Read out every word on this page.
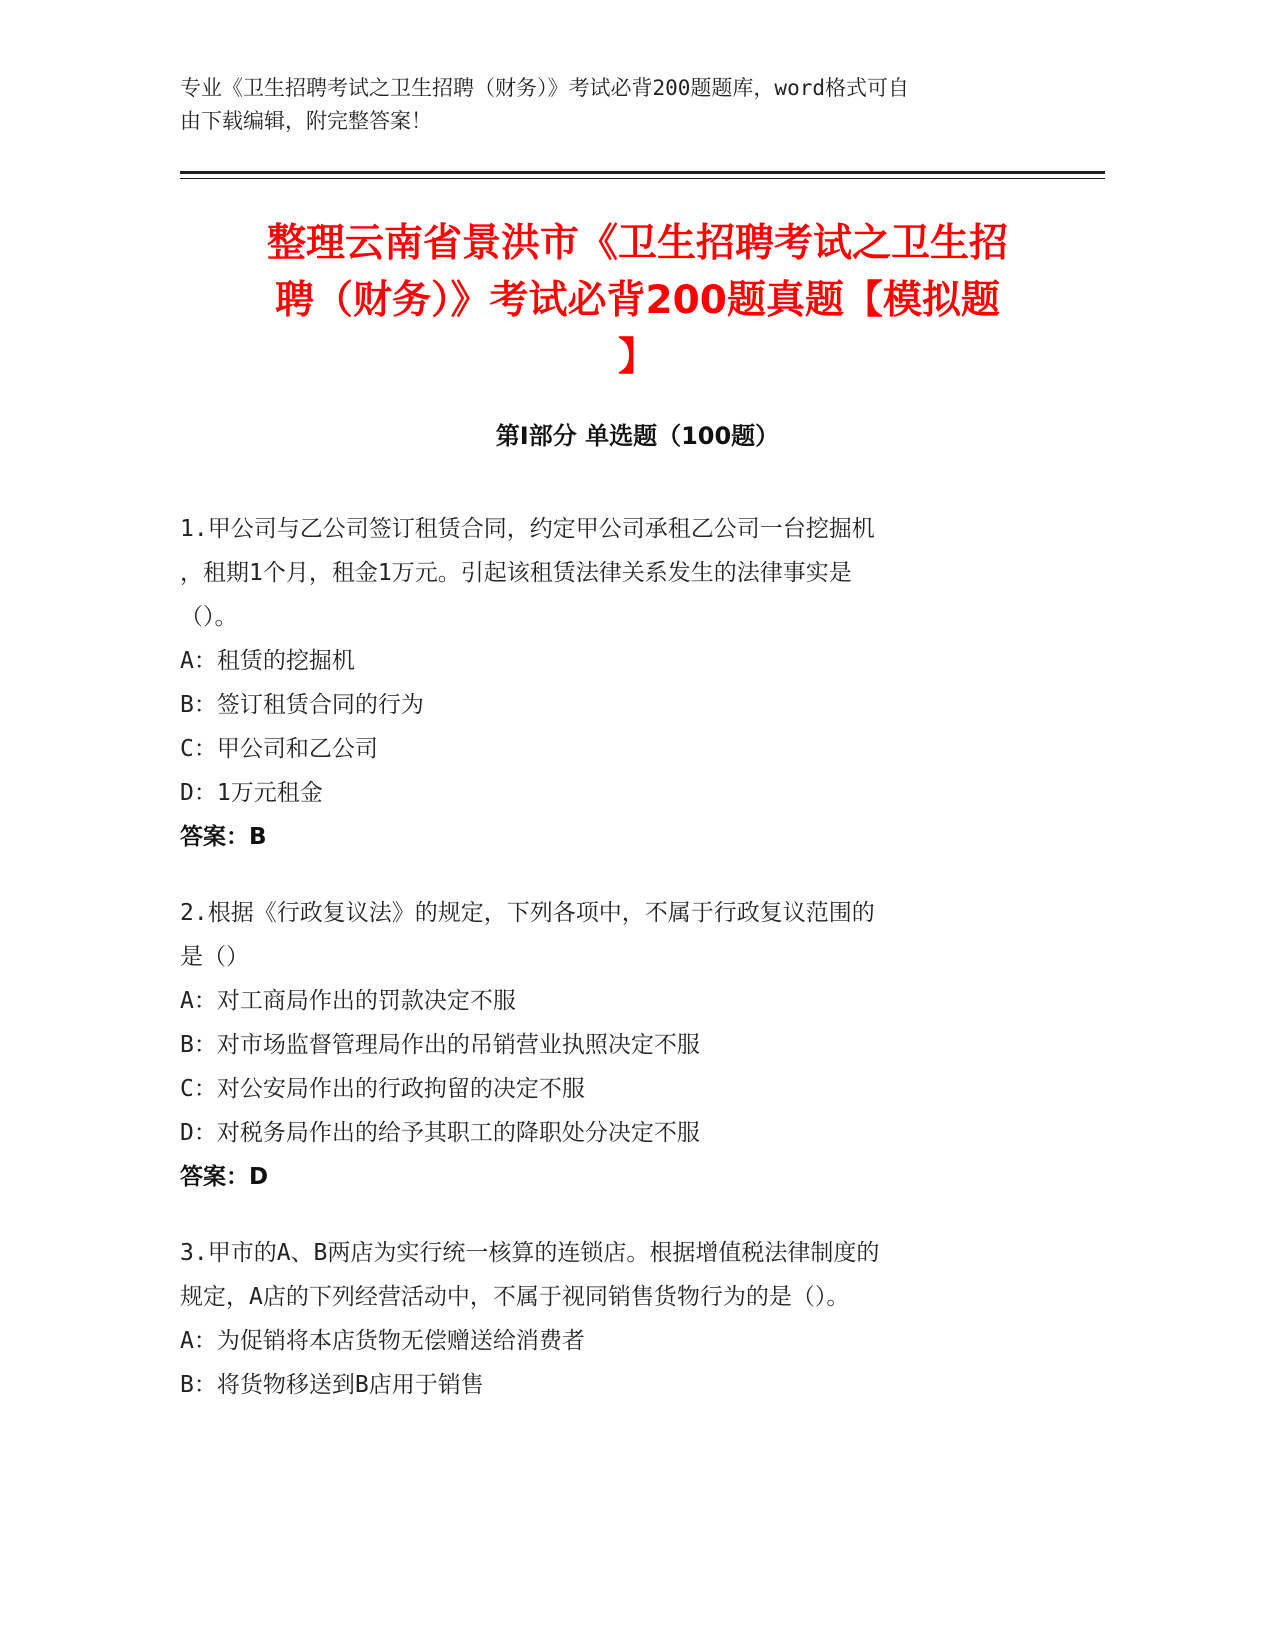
专业《卫生招聘考试之卫生招聘（财务）》考试必背200题题库，word格式可自
由下载编辑，附完整答案！
整理云南省景洪市《卫生招聘考试之卫生招
聘（财务）》考试必背200题真题【模拟题
】
第I部分 单选题（100题）

1.甲公司与乙公司签订租赁合同，约定甲公司承租乙公司一台挖掘机

，租期1个月，租金1万元。引起该租赁法律关系发生的法律事实是

（）。

A：租赁的挖掘机

B：签订租赁合同的行为

C：甲公司和乙公司

D：1万元租金

答案：B

2.根据《行政复议法》的规定，下列各项中，不属于行政复议范围的

是（）

A：对工商局作出的罚款决定不服

B：对市场监督管理局作出的吊销营业执照决定不服

C：对公安局作出的行政拘留的决定不服

D：对税务局作出的给予其职工的降职处分决定不服

答案：D

3.甲市的A、B两店为实行统一核算的连锁店。根据增值税法律制度的

规定，A店的下列经营活动中，不属于视同销售货物行为的是（）。

A：为促销将本店货物无偿赠送给消费者

B：将货物移送到B店用于销售
